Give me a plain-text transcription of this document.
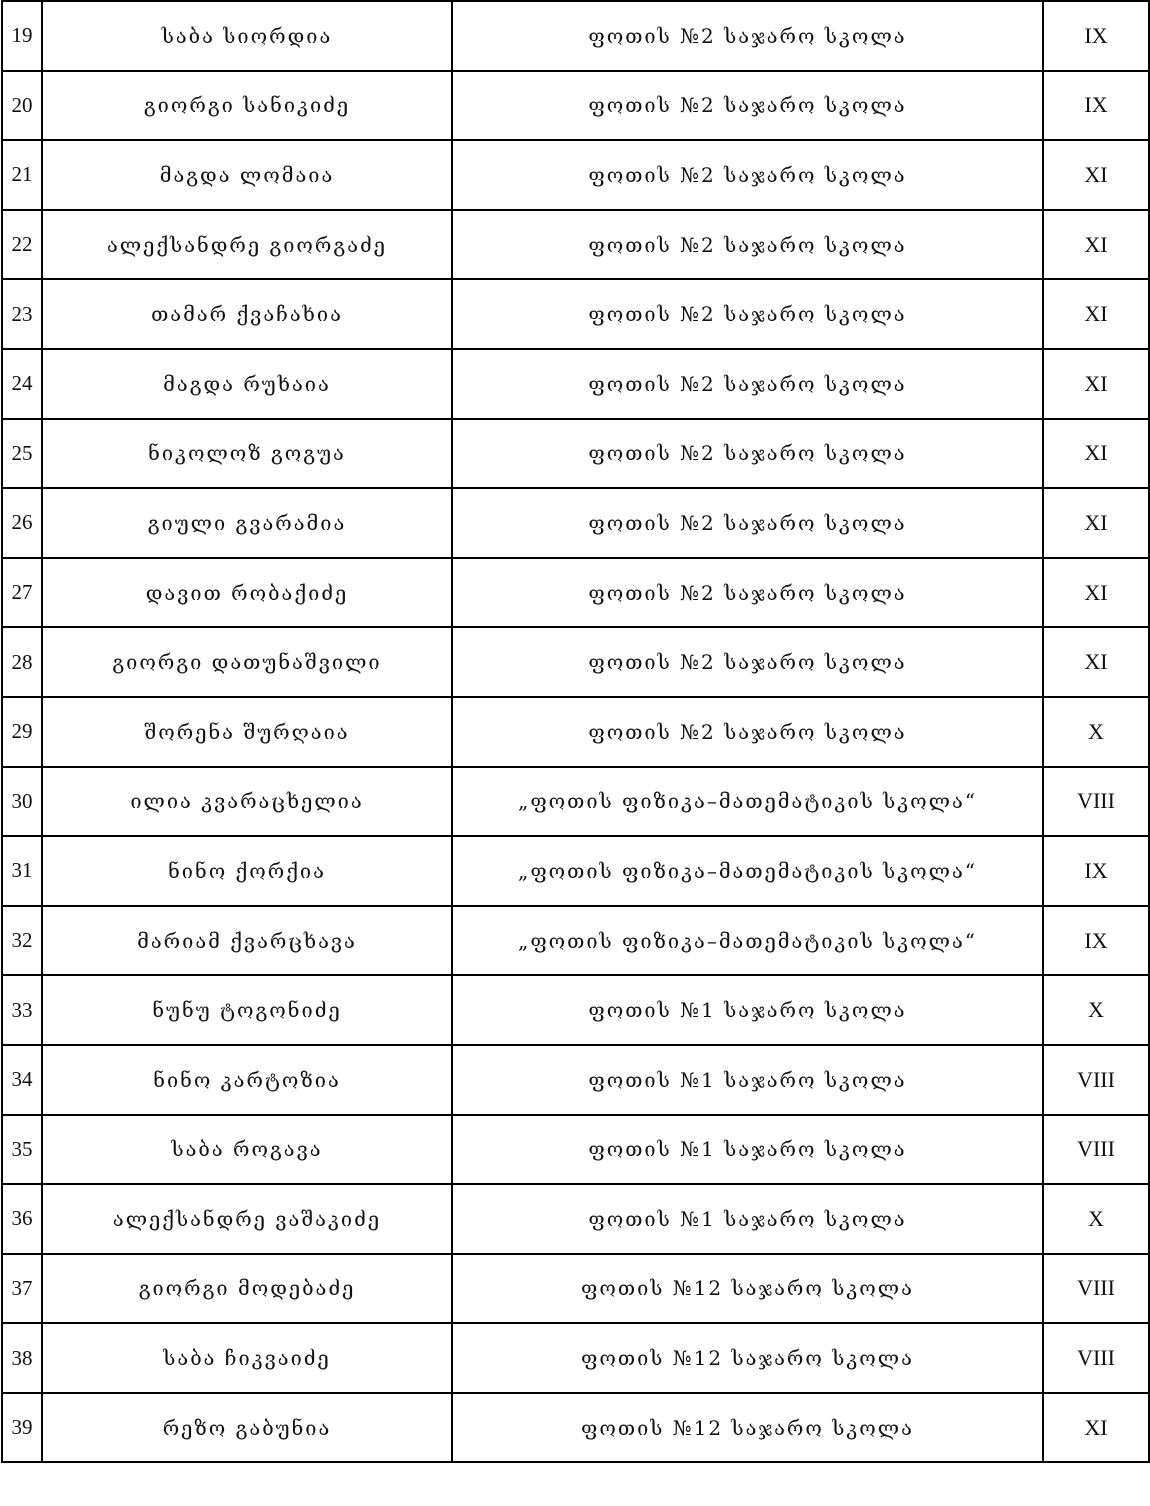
19	საბა სიორდია	ფოთის №2 საჯარო სკოლა	IX
20	გიორგი სანიკიძე	ფოთის №2 საჯარო სკოლა	IX
21	მაგდა ლომაია	ფოთის №2 საჯარო სკოლა	XI
22	ალექსანდრე გიორგაძე	ფოთის №2 საჯარო სკოლა	XI
23	თამარ ქვაჩახია	ფოთის №2 საჯარო სკოლა	XI
24	მაგდა რუხაია	ფოთის №2 საჯარო სკოლა	XI
25	ნიკოლოზ გოგუა	ფოთის №2 საჯარო სკოლა	XI
26	გიული გვარამია	ფოთის №2 საჯარო სკოლა	XI
27	დავით რობაქიძე	ფოთის №2 საჯარო სკოლა	XI
28	გიორგი დათუნაშვილი	ფოთის №2 საჯარო სკოლა	XI
29	შორენა შურღაია	ფოთის №2 საჯარო სკოლა	X
30	ილია კვარაცხელია	„ფოთის ფიზიკა–მათემატიკის სკოლა“	VIII
31	ნინო ქორქია	„ფოთის ფიზიკა–მათემატიკის სკოლა“	IX
32	მარიამ ქვარცხავა	„ფოთის ფიზიკა–მათემატიკის სკოლა“	IX
33	ნუნუ ტოგონიძე	ფოთის №1 საჯარო სკოლა	X
34	ნინო კარტოზია	ფოთის №1 საჯარო სკოლა	VIII
35	საბა როგავა	ფოთის №1 საჯარო სკოლა	VIII
36	ალექსანდრე ვაშაკიძე	ფოთის №1 საჯარო სკოლა	X
37	გიორგი მოდებაძე	ფოთის №12 საჯარო სკოლა	VIII
38	საბა ჩიკვაიძე	ფოთის №12 საჯარო სკოლა	VIII
39	რეზო გაბუნია	ფოთის №12 საჯარო სკოლა	XI
